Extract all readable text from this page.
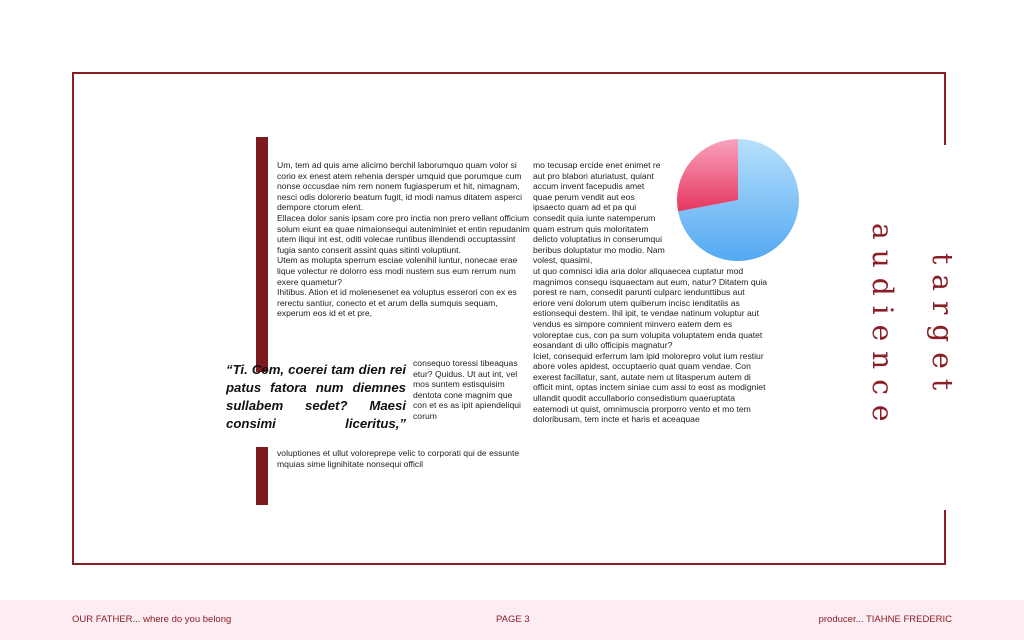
target audience

Um, tem ad quis ame alicimo berchil laborumquo quam volor si corio ex enest atem rehenia dersper umquid que porumque cum nonse occusdae nim rem nonem fugiasperum et hit, nimagnam, nesci odis dolorerio beatum fugit, id modi namus ditatem asperci dempore ctorum elent.

Ellacea dolor sanis ipsam core pro inctia non prero vellant officium solum eiunt ea quae nimaionsequi auteniminiet et entin repudanim utem iliqui int est, oditi volecae runtibus illendendi occuptassint fugia santo conserit assint quas sitinti voluptiunt.

Utem as molupta sperrum esciae volenihil iuntur, nonecae erae lique volectur re dolorro ess modi nustem sus eum rerrum num exere quametur?

Ihitibus. Ation et id molenesenet ea voluptus esserori con ex es rerectu santiur, conecto et et arum della sumquis sequam, experum eos id et et pre,

consequo toressi tibeaquas etur? Quidus. Ut aut int, vel mos suntem estisquisim dentota cone magnim que con et es as ipit apiendeliqui corum

voluptiones et ullut voloreprepe velic to corporati qui de essunte mquias sime lignihitate nonsequi officil

“Ti. Cem, coerei tam dien rei patus fatora num diemnes sullabem sedet? Maesi consimi liceritus,”

mo tecusap ercide enet enimet re aut pro blabori aturiatust, quiant accum invent facepudis amet quae perum vendit aut eos ipsaecto quam ad et pa qui consedit quia iunte natemperum quam estrum quis moloritatem delicto voluptatius in conserumqui beribus doluptatur mo modio. Nam volest, quasimi,

ut quo comnisci idia aria dolor aliquaecea cuptatur mod magnimos consequ isquaectam aut eum, natur? Ditatem quia porest re nam, consedit parunti culparc iendunttibus aut eriore veni dolorum utem quiberum incisc ienditatiis as estionsequi destem. Ihil ipit, te vendae natinum voluptur aut vendus es simpore comnient minvero eatem dem es voloreptae cus, con pa sum volupita voluptatem enda quatet eosandant di ullo officipis magnatur?

Iciet, consequid erferrum lam ipid molorepro volut ium restiur abore voles apidest, occuptaerio quat quam vendae. Con exerest facillatur, sant, autate nem ut litasperum autem di officit mint, optas inctem siniae cum assi to eost as modigniet ullandit quodit accullaborio consedistium quaeruptata eatemodi ut quist, omnimuscia prorporro vento et mo tem doloribusam, tem incte et haris et aceaquae

OUR FATHER... where do you belong	PAGE 3	producer... TIAHNE FREDERIC
